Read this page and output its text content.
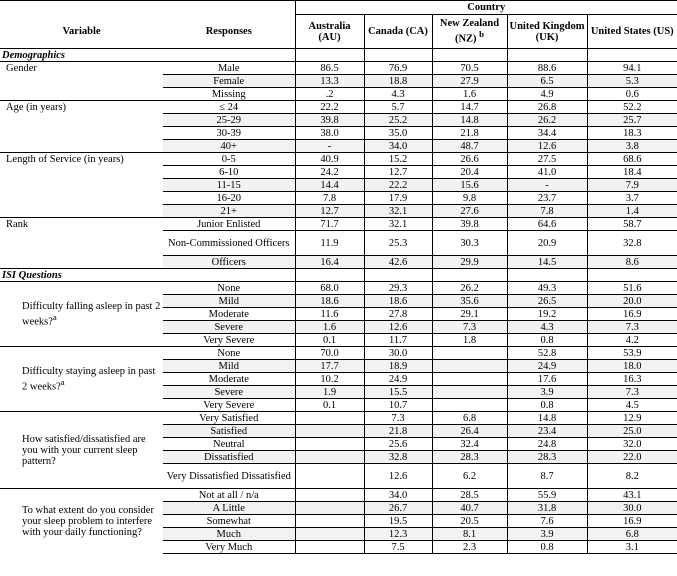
		Country				
Variable	Responses	Australia (AU)	Canada (CA)	New Zealand (NZ) $^b$	United Kingdom (UK)	United States (US)
Demographics						
Gender	Male	86.5	76.9	70.5	88.6	94.1
	Female	13.3	18.8	27.9	6.5	5.3
	Missing	.2	4.3	1.6	4.9	0.6
Age (in years)	≤ 24	22.2	5.7	14.7	26.8	52.2
	25-29	39.8	25.2	14.8	26.2	25.7
	30-39	38.0	35.0	21.8	34.4	18.3
	40+	-	34.0	48.7	12.6	3.8
Length of Service (in years)	0-5	40.9	15.2	26.6	27.5	68.6
	6-10	24.2	12.7	20.4	41.0	18.4
	11-15	14.4	22.2	15.6	-	7.9
	16-20	7.8	17.9	9.8	23.7	3.7
	21+	12.7	32.1	27.6	7.8	1.4
Rank	Junior Enlisted	71.7	32.1	39.8	64.6	58.7
	Non-Commissioned Officers	11.9	25.3	30.3	20.9	32.8
	Officers	16.4	42.6	29.9	14.5	8.6
ISI Questions						
Difficulty falling asleep in past 2 weeks?$^a$	None	68.0	29.3	26.2	49.3	51.6
	Mild	18.6	18.6	35.6	26.5	20.0
	Moderate	11.6	27.8	29.1	19.2	16.9
	Severe	1.6	12.6	7.3	4.3	7.3
	Very Severe	0.1	11.7	1.8	0.8	4.2
Difficulty staying asleep in past 2 weeks?$^a$	None	70.0	30.0		52.8	53.9
	Mild	17.7	18.9		24.9	18.0
	Moderate	10.2	24.9		17.6	16.3
	Severe	1.9	15.5		3.9	7.3
	Very Severe	0.1	10.7		0.8	4.5
How satisfied/dissatisfied are you with your current sleep pattern?	Very Satisfied		7.3	6.8	14.8	12.9
	Satisfied		21.8	26.4	23.4	25.0
	Neutral		25.6	32.4	24.8	32.0
	Dissatisfied		32.8	28.3	28.3	22.0
	Very Dissatisfied Dissatisfied		12.6	6.2	8.7	8.2
To what extent do you consider your sleep problem to interfere with your daily functioning?	Not at all / n/a		34.0	28.5	55.9	43.1
	A Little		26.7	40.7	31.8	30.0
	Somewhat		19.5	20.5	7.6	16.9
	Much		12.3	8.1	3.9	6.8
	Very Much		7.5	2.3	0.8	3.1
